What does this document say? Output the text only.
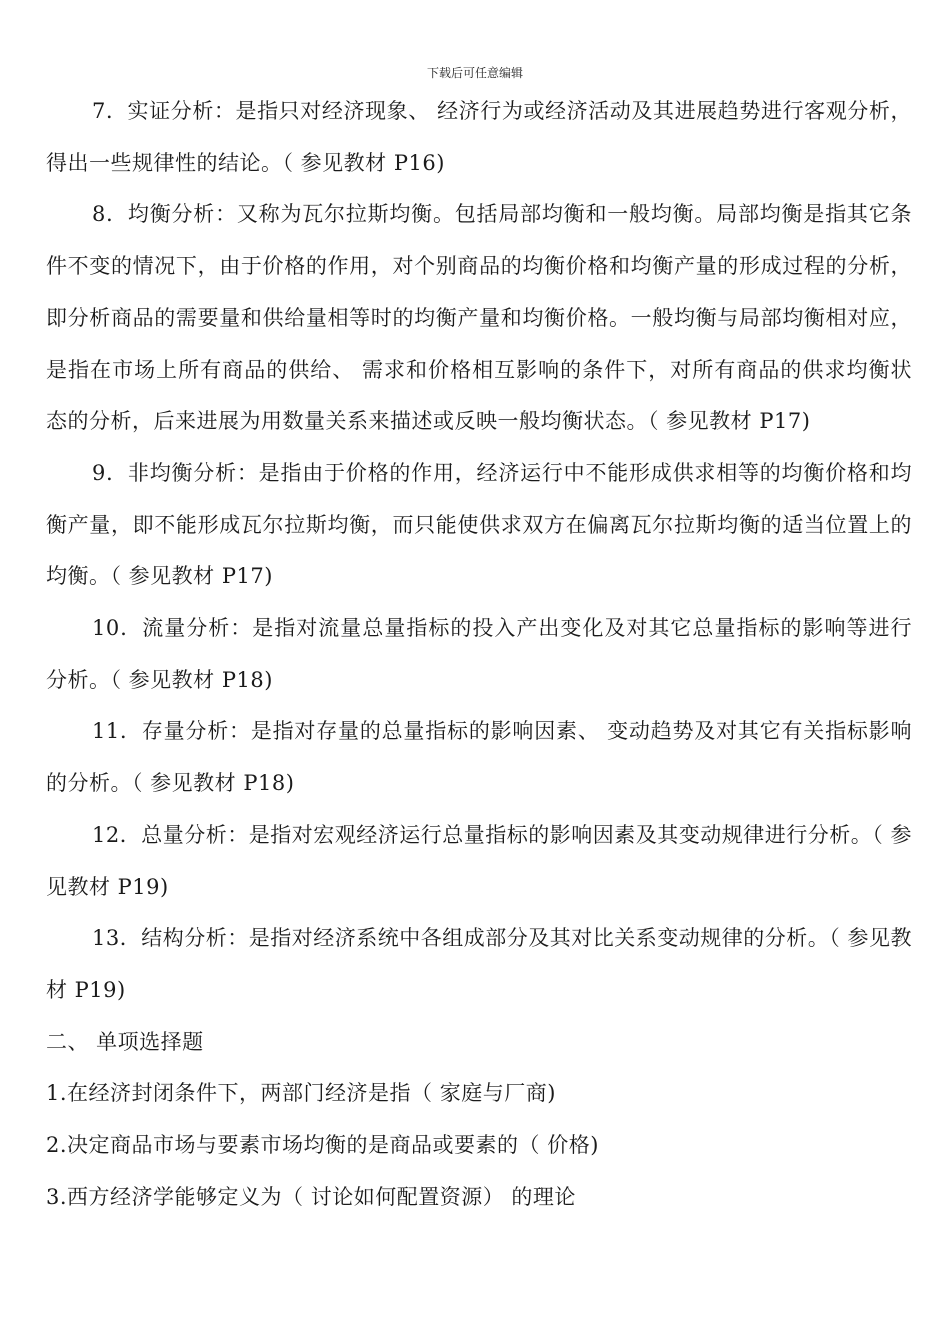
下载后可任意编辑

7．实证分析：是指只对经济现象、 经济行为或经济活动及其进展趋势进行客观分析，得出一些规律性的结论。（ 参见教材 P16)

8．均衡分析：又称为瓦尔拉斯均衡。包括局部均衡和一般均衡。局部均衡是指其它条件不变的情况下，由于价格的作用，对个别商品的均衡价格和均衡产量的形成过程的分析，即分析商品的需要量和供给量相等时的均衡产量和均衡价格。一般均衡与局部均衡相对应，是指在市场上所有商品的供给、 需求和价格相互影响的条件下，对所有商品的供求均衡状态的分析，后来进展为用数量关系来描述或反映一般均衡状态。（ 参见教材 P17)

9．非均衡分析：是指由于价格的作用，经济运行中不能形成供求相等的均衡价格和均衡产量，即不能形成瓦尔拉斯均衡，而只能使供求双方在偏离瓦尔拉斯均衡的适当位置上的均衡。（ 参见教材 P17)

10．流量分析：是指对流量总量指标的投入产出变化及对其它总量指标的影响等进行分析。（ 参见教材 P18)

11．存量分析：是指对存量的总量指标的影响因素、 变动趋势及对其它有关指标影响的分析。（ 参见教材 P18)

12．总量分析：是指对宏观经济运行总量指标的影响因素及其变动规律进行分析。（ 参见教材 P19)

13．结构分析：是指对经济系统中各组成部分及其对比关系变动规律的分析。（ 参见教材 P19)

二、 单项选择题

1.在经济封闭条件下，两部门经济是指（ 家庭与厂商)

2.决定商品市场与要素市场均衡的是商品或要素的（ 价格)

3.西方经济学能够定义为（ 讨论如何配置资源） 的理论
